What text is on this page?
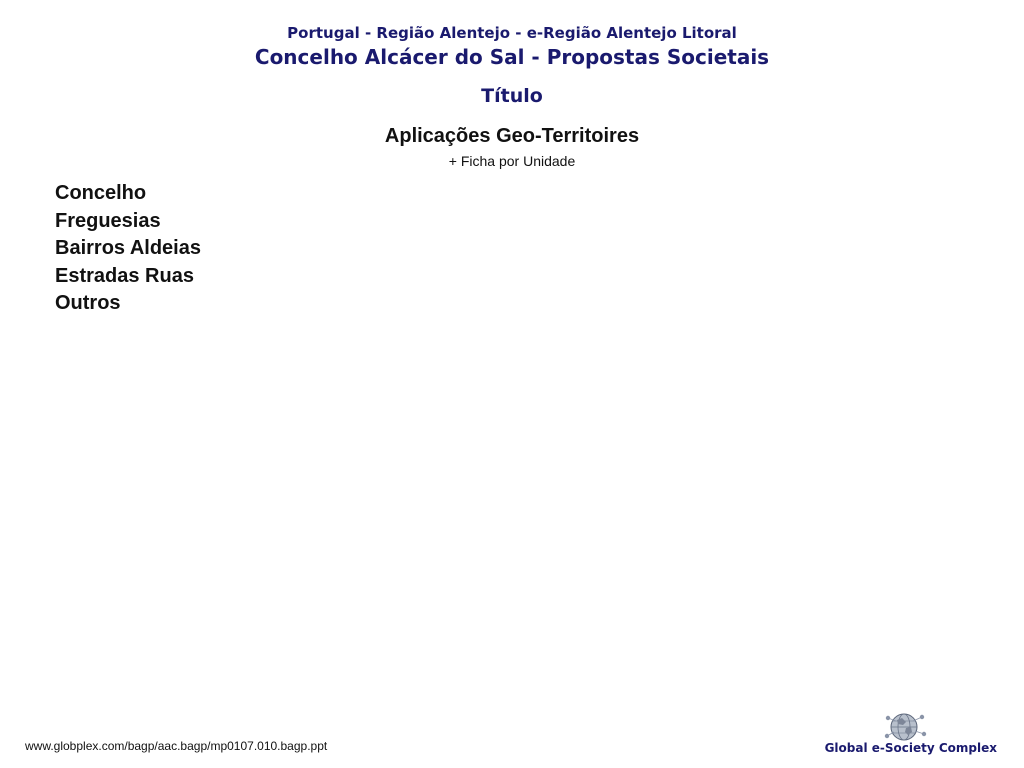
Portugal - Região Alentejo - e-Região Alentejo Litoral
Concelho Alcácer do Sal - Propostas Societais
Título
Aplicações Geo-Territoires
+ Ficha por Unidade
Concelho
Freguesias
Bairros Aldeias
Estradas Ruas
Outros
www.globplex.com/bagp/aac.bagp/mp0107.010.bagp.ppt	Global e-Society Complex
